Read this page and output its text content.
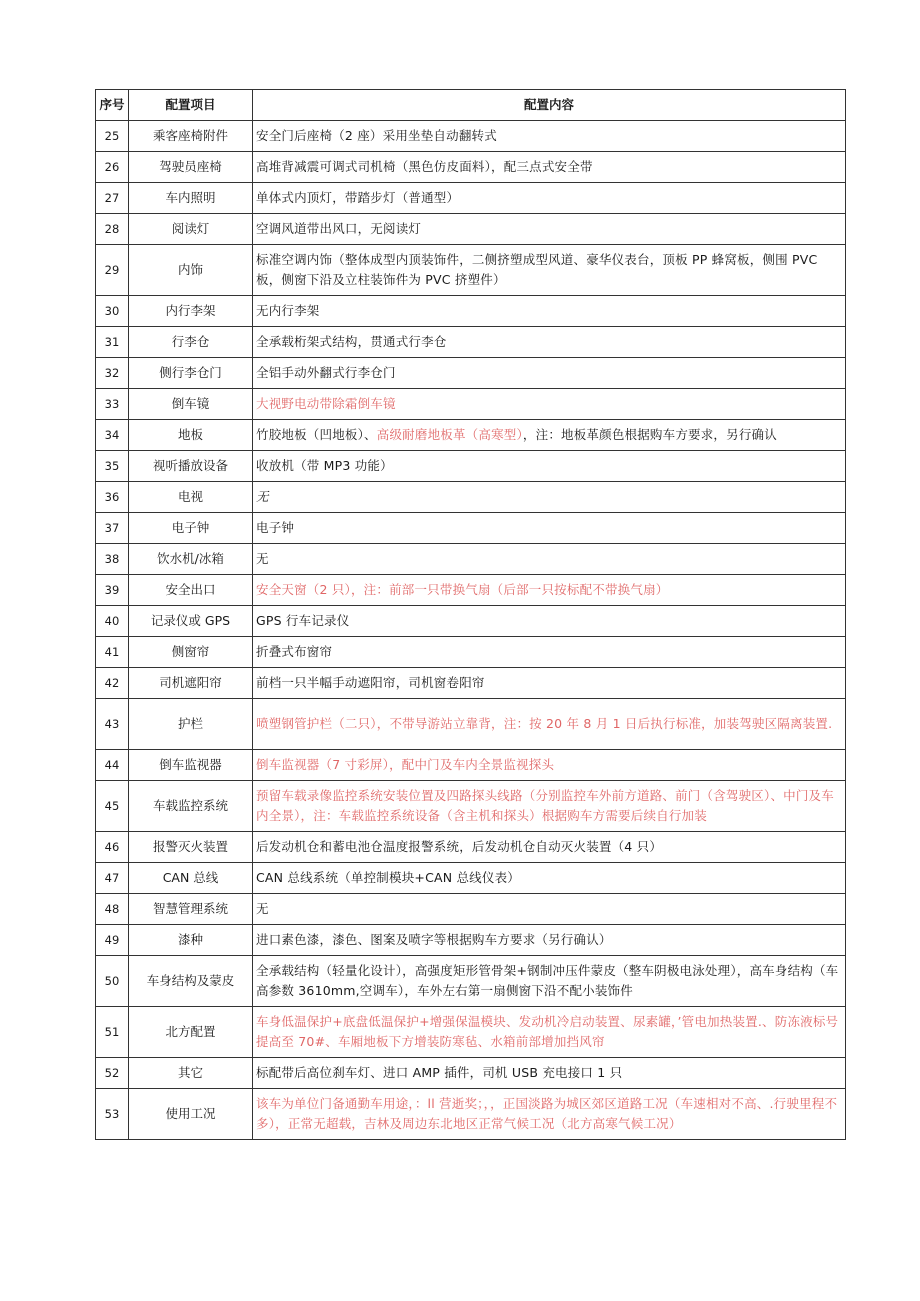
序号	配置项目	配置内容
25	乘客座椅附件	安全门后座椅（2 座）采用坐垫自动翻转式
26	驾驶员座椅	高堆背减震可调式司机椅（黑色仿皮面料），配三点式安全带
27	车内照明	单体式内顶灯，带踏步灯（普通型）
28	阅读灯	空调风道带出风口，无阅读灯
29	内饰	标准空调内饰（整体成型内顶装饰件，二侧挤塑成型风道、豪华仪表台，顶板 PP 蜂窝板，侧围 PVC 板，侧窗下沿及立柱装饰件为 PVC 挤塑件）
30	内行李架	无内行李架
31	行李仓	全承载桁架式结构，贯通式行李仓
32	侧行李仓门	全铝手动外翻式行李仓门
33	倒车镜	大视野电动带除霜倒车镜
34	地板	竹胶地板（凹地板）、高级耐磨地板革（高寒型），注：地板革颜色根据购车方要求，另行确认
35	视听播放设备	收放机（带 MP3 功能）
36	电视	无
37	电子钟	电子钟
38	饮水机/冰箱	无
39	安全出口	安全天窗（2 只），注：前部一只带换气扇（后部一只按标配不带换气扇）
40	记录仪或 GPS	GPS 行车记录仪
41	侧窗帘	折叠式布窗帘
42	司机遮阳帘	前档一只半幅手动遮阳帘，司机窗卷阳帘
43	护栏	喷塑钢管护栏（二只），不带导游站立靠背，注：按 20 年 8 月 1 日后执行标准，加装驾驶区隔离装置.
44	倒车监视器	倒车监视器（7 寸彩屏），配中门及车内全景监视探头
45	车载监控系统	预留车载录像监控系统安装位置及四路探头线路（分别监控车外前方道路、前门（含驾驶区）、中门及车内全景），注：车载监控系统设备（含主机和探头）根据购车方需要后续自行加装
46	报警灭火装置	后发动机仓和蓄电池仓温度报警系统，后发动机仓自动灭火装置（4 只）
47	CAN 总线	CAN 总线系统（单控制模块+CAN 总线仪表）
48	智慧管理系统	无
49	漆种	进口素色漆，漆色、图案及喷字等根据购车方要求（另行确认）
50	车身结构及蒙皮	全承载结构（轻量化设计），高强度矩形管骨架+钢制冲压件蒙皮（整车阴极电泳处理），高车身结构（车高参数 3610mm,空调车），车外左右第一扇侧窗下沿不配小装饰件
51	北方配置	车身低温保护+底盘低温保护+增强保温模块、发动机冷启动装置、尿素罐，’管电加热装置.、防冻液标号提高至 70#、车厢地板下方增装防寒毡、水箱前部增加挡风帘
52	其它	标配带后高位刹车灯、进口 AMP 插件，司机 USB 充电接口 1 只
53	使用工况	该车为单位门备通勤车用途，：ll 营逝奖；，，正国淡路为城区郊区道路工况（车速相对不高、.行驶里程不多），正常无超载，吉林及周边东北地区正常气候工况（北方高寒气候工况）
